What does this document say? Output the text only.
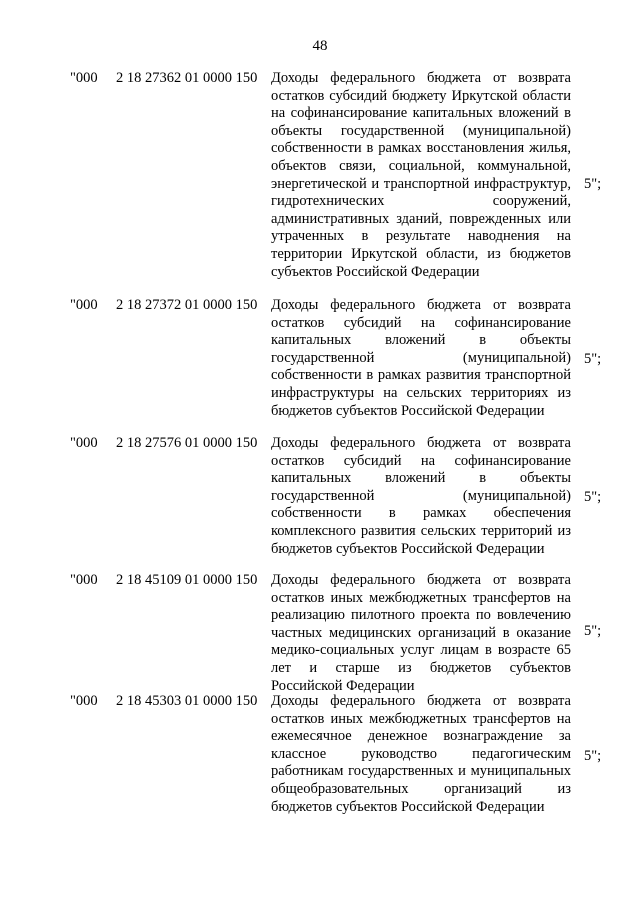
48
"000 2 18 27362 01 0000 150 Доходы федерального бюджета от возврата остатков субсидий бюджету Иркутской области на софинансирование капитальных вложений в объекты государственной (муниципальной) собственности в рамках восстановления жилья, объектов связи, социальной, коммунальной, энергетической и транспортной инфраструктур, гидротехнических сооружений, административных зданий, поврежденных или утраченных в результате наводнения на территории Иркутской области, из бюджетов субъектов Российской Федерации
5";
"000 2 18 27372 01 0000 150 Доходы федерального бюджета от возврата остатков субсидий на софинансирование капитальных вложений в объекты государственной (муниципальной) собственности в рамках развития транспортной инфраструктуры на сельских территориях из бюджетов субъектов Российской Федерации
5";
"000 2 18 27576 01 0000 150 Доходы федерального бюджета от возврата остатков субсидий на софинансирование капитальных вложений в объекты государственной (муниципальной) собственности в рамках обеспечения комплексного развития сельских территорий из бюджетов субъектов Российской Федерации
5";
"000 2 18 45109 01 0000 150 Доходы федерального бюджета от возврата остатков иных межбюджетных трансфертов на реализацию пилотного проекта по вовлечению частных медицинских организаций в оказание медико-социальных услуг лицам в возрасте 65 лет и старше из бюджетов субъектов Российской Федерации
5";
"000 2 18 45303 01 0000 150 Доходы федерального бюджета от возврата остатков иных межбюджетных трансфертов на ежемесячное денежное вознаграждение за классное руководство педагогическим работникам государственных и муниципальных общеобразовательных организаций из бюджетов субъектов Российской Федерации
5";
